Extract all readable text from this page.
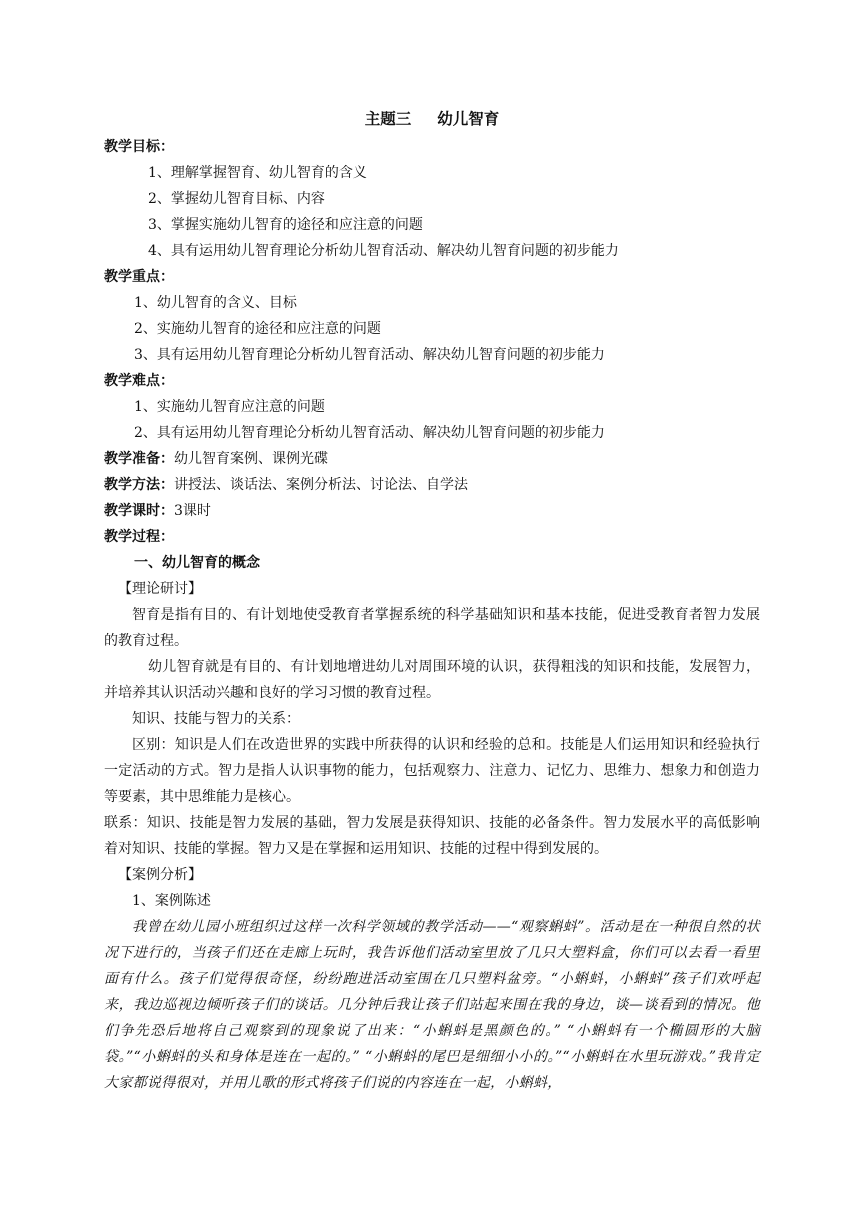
主题三 幼儿智育
教学目标：
1、理解掌握智育、幼儿智育的含义
2、掌握幼儿智育目标、内容
3、掌握实施幼儿智育的途径和应注意的问题
4、具有运用幼儿智育理论分析幼儿智育活动、解决幼儿智育问题的初步能力
教学重点：
1、幼儿智育的含义、目标
2、实施幼儿智育的途径和应注意的问题
3、具有运用幼儿智育理论分析幼儿智育活动、解决幼儿智育问题的初步能力
教学难点：
1、实施幼儿智育应注意的问题
2、具有运用幼儿智育理论分析幼儿智育活动、解决幼儿智育问题的初步能力
教学准备：幼儿智育案例、课例光碟
教学方法：讲授法、谈话法、案例分析法、讨论法、自学法
教学课时：3课时
教学过程：
一、幼儿智育的概念
【理论研讨】
智育是指有目的、有计划地使受教育者掌握系统的科学基础知识和基本技能，促进受教育者智力发展的教育过程。
幼儿智育就是有目的、有计划地增进幼儿对周围环境的认识，获得粗浅的知识和技能，发展智力，并培养其认识活动兴趣和良好的学习习惯的教育过程。
知识、技能与智力的关系：
区别：知识是人们在改造世界的实践中所获得的认识和经验的总和。技能是人们运用知识和经验执行一定活动的方式。智力是指人认识事物的能力，包括观察力、注意力、记忆力、思维力、想象力和创造力等要素，其中思维能力是核心。
联系：知识、技能是智力发展的基础，智力发展是获得知识、技能的必备条件。智力发展水平的高低影响着对知识、技能的掌握。智力又是在掌握和运用知识、技能的过程中得到发展的。
【案例分析】
1、案例陈述
我曾在幼儿园小班组织过这样一次科学领域的教学活动——“观察蝌蚪”。活动是在一种很自然的状况下进行的，当孩子们还在走廊上玩时，我告诉他们活动室里放了几只大塑料盒，你们可以去看一看里面有什么。孩子们觉得很奇怪，纷纷跑进活动室围在几只塑料盆旁。“小蝌蚪，小蝌蚪”孩子们欢呼起来，我边巡视边倾听孩子们的谈话。几分钟后我让孩子们站起来围在我的身边，谈—谈看到的情况。他们争先恐后地将自己观察到的现象说了出来：“小蝌蚪是黑颜色的。” “小蝌蚪有一个椭圆形的大脑袋。”“小蝌蚪的头和身体是连在一起的。” “小蝌蚪的尾巴是细细小小的。”“小蝌蚪在水里玩游戏。”我肯定大家都说得很对，并用儿歌的形式将孩子们说的内容连在一起，小蝌蚪，
